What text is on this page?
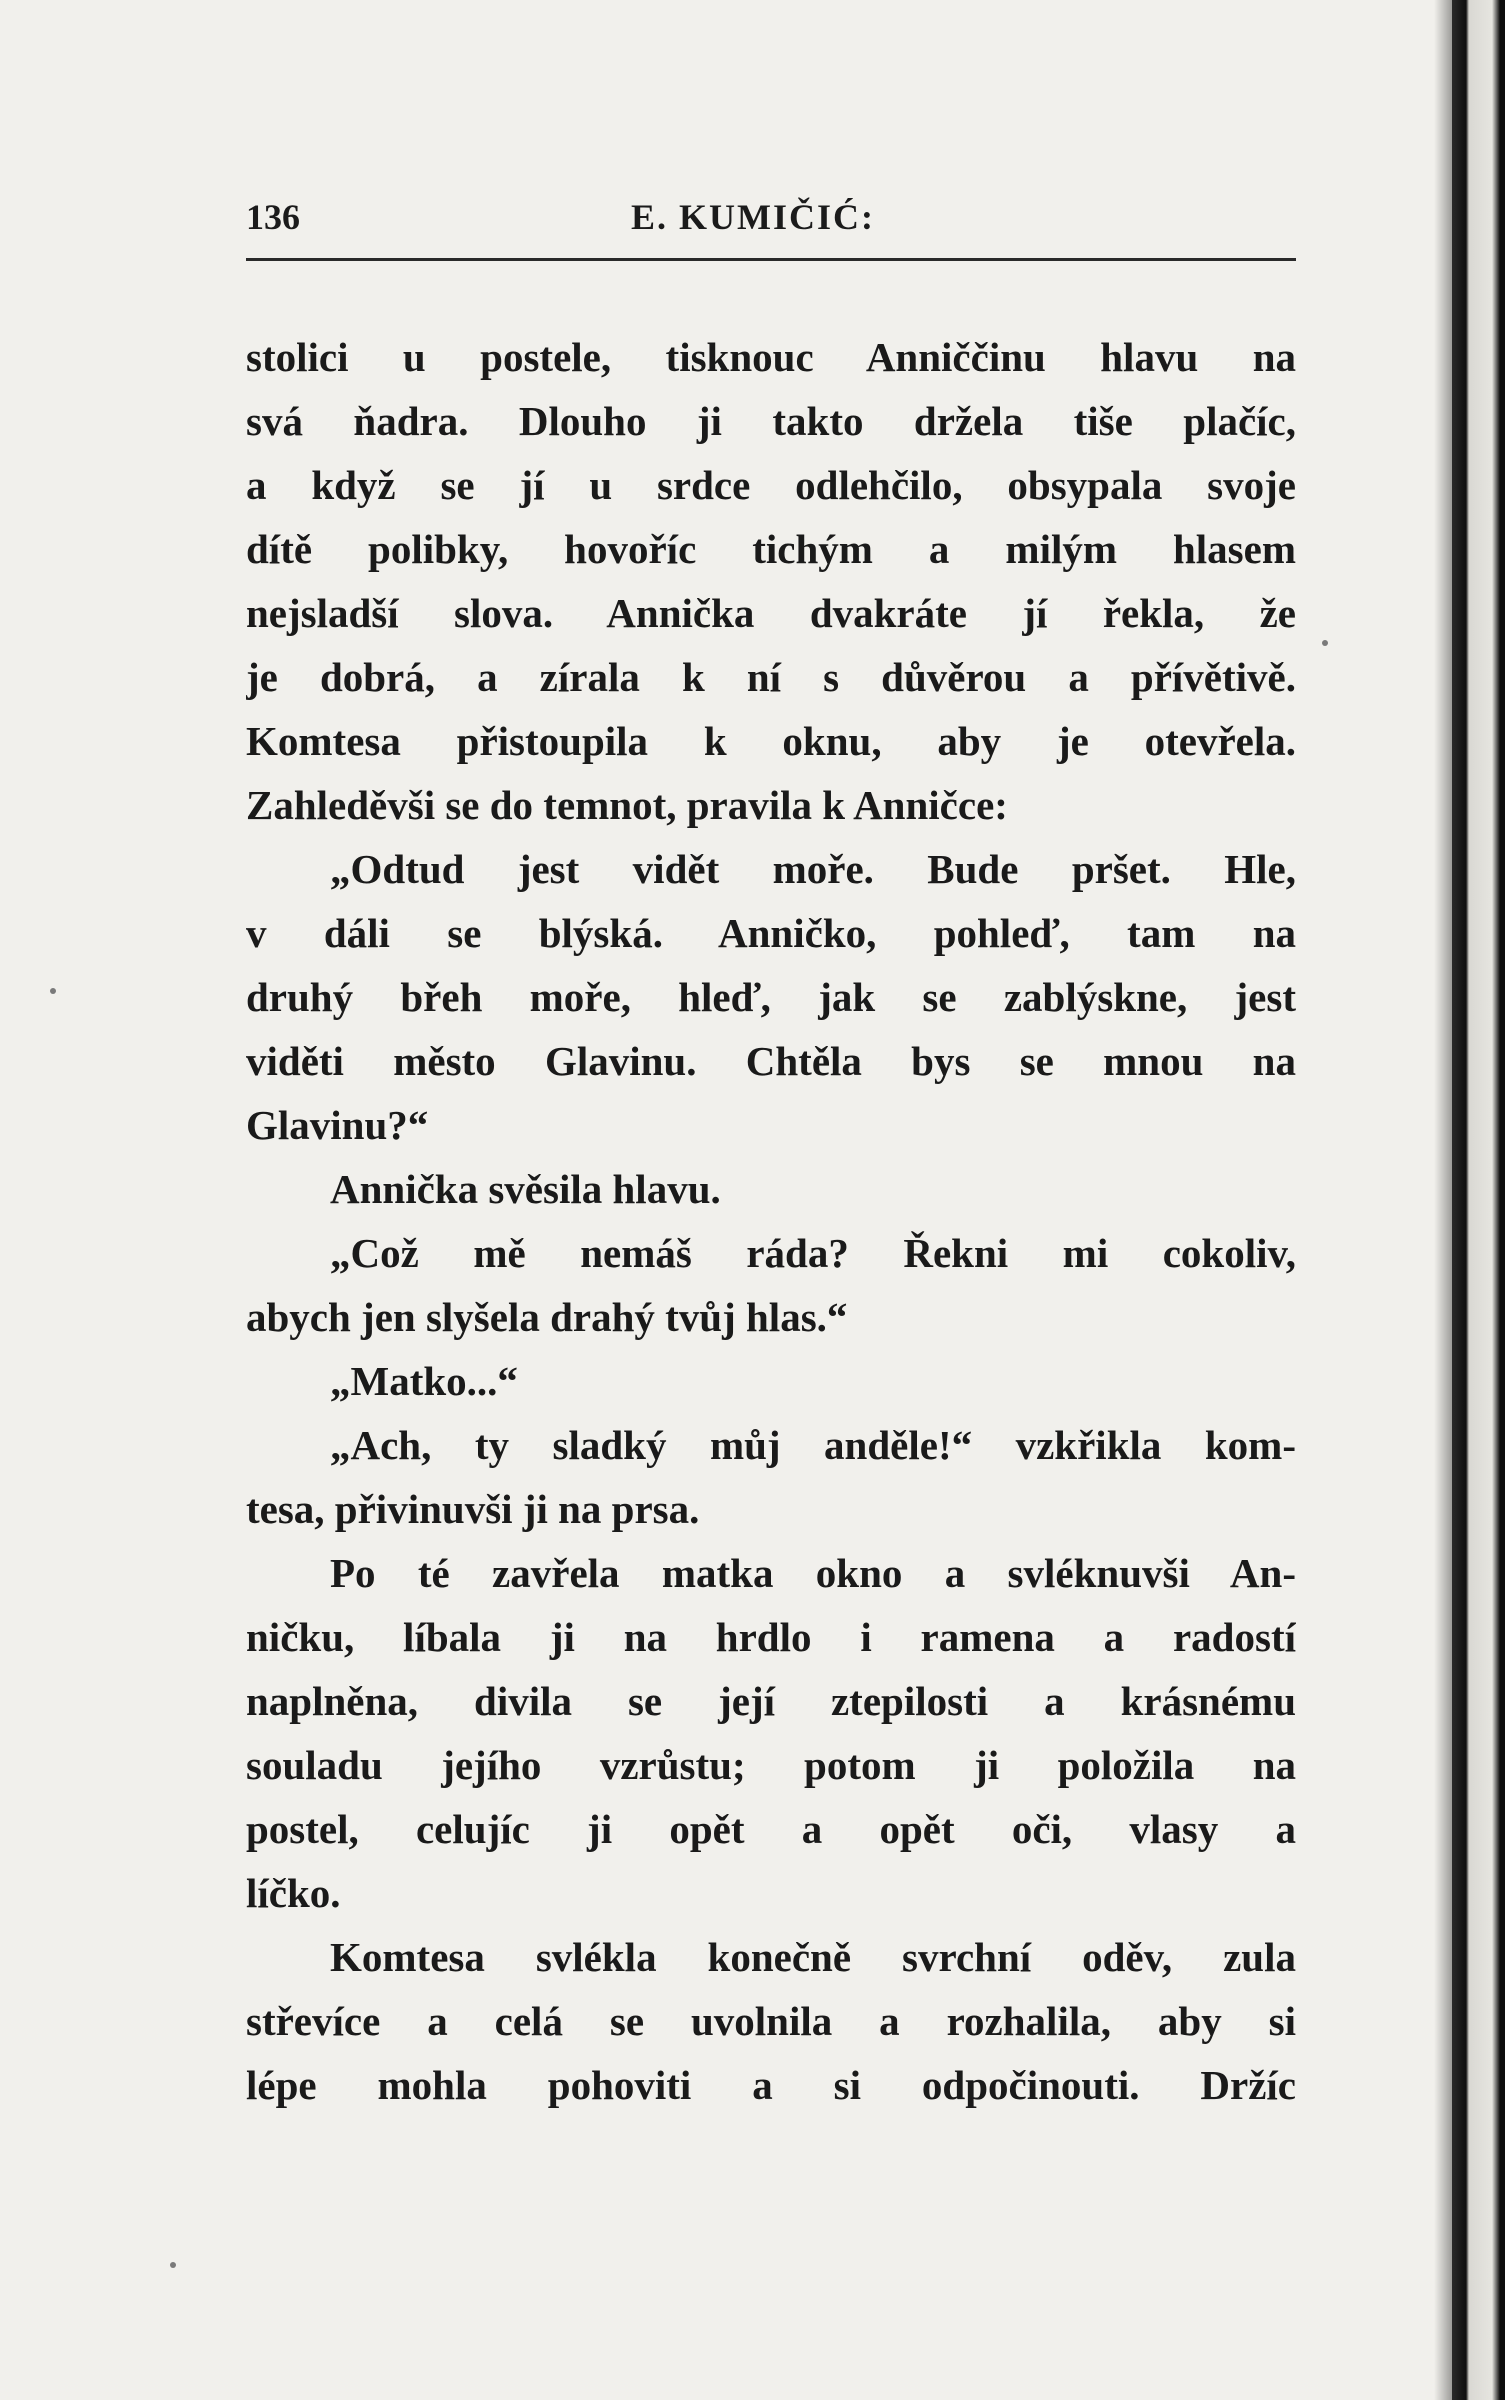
136	E. KUMIČIĆ:
stolici u postele, tisknouc Anniččinu hlavu na
svá ňadra. Dlouho ji takto držela tiše plačíc,
a když se jí u srdce odlehčilo, obsypala svoje
dítě polibky, hovoříc tichým a milým hlasem
nejsladší slova. Annička dvakráte jí řekla, že
je dobrá, a zírala k ní s důvěrou a přívětivě.
Komtesa přistoupila k oknu, aby je otevřela.
Zahleděvši se do temnot, pravila k Anničce:
„Odtud jest vidět moře. Bude pršet. Hle,
v dáli se blýská. Anničko, pohleď, tam na
druhý břeh moře, hleď, jak se zablýskne, jest
viděti město Glavinu. Chtěla bys se mnou na
Glavinu?“
Annička svěsila hlavu.
„Což mě nemáš ráda? Řekni mi cokoliv,
abych jen slyšela drahý tvůj hlas.“
„Matko...“
„Ach, ty sladký můj anděle!“ vzkřikla kom-
tesa, přivinuvši ji na prsa.
Po té zavřela matka okno a svléknuvši An-
ničku, líbala ji na hrdlo i ramena a radostí
naplněna, divila se její ztepilosti a krásnému
souladu jejího vzrůstu; potom ji položila na
postel, celujíc ji opět a opět oči, vlasy a
líčko.
Komtesa svlékla konečně svrchní oděv, zula
střevíce a celá se uvolnila a rozhalila, aby si
lépe mohla pohoviti a si odpočinouti. Držíc
